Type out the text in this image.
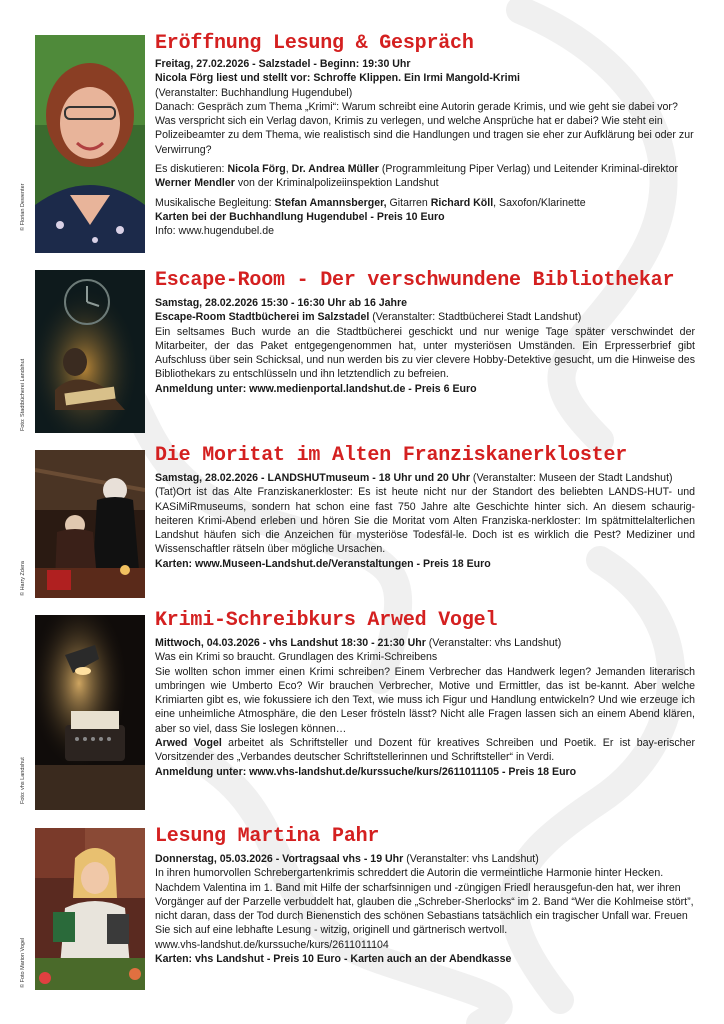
© Florian Dewenter
Eröffnung Lesung & Gespräch

Freitag, 27.02.2026 - Salzstadel - Beginn: 19:30 Uhr

Nicola Förg liest und stellt vor: Schroffe Klippen. Ein Irmi Mangold-Krimi

(Veranstalter: Buchhandlung Hugendubel)

Danach: Gespräch zum Thema „Krimi“: Warum schreibt eine Autorin gerade Krimis, und wie geht sie dabei vor? Was verspricht sich ein Verlag davon, Krimis zu verlegen, und welche Ansprüche hat er dabei? Wie steht ein Polizeibeamter zu dem Thema, wie realistisch sind die Handlungen und tragen sie eher zur Aufklärung bei oder zur Verwirrung?

Es diskutieren: Nicola Förg, Dr. Andrea Müller (Programmleitung Piper Verlag) und Leitender Kriminal-direktor Werner Mendler von der Kriminalpolizeiinspektion Landshut

Musikalische Begleitung: Stefan Amannsberger, Gitarren Richard Köll, Saxofon/Klarinette

Karten bei der Buchhandlung Hugendubel - Preis 10 Euro

Info: www.hugendubel.de

Foto: Stadtbücherei Landshut
Escape-Room - Der verschwundene Bibliothekar

Samstag, 28.02.2026 15:30 - 16:30 Uhr ab 16 Jahre

Escape-Room Stadtbücherei im Salzstadel (Veranstalter: Stadtbücherei Stadt Landshut)

Ein seltsames Buch wurde an die Stadtbücherei geschickt und nur wenige Tage später verschwindet der Mitarbeiter, der das Paket entgegengenommen hat, unter mysteriösen Umständen. Ein Erpresserbrief gibt Aufschluss über sein Schicksal, und nun werden bis zu vier clevere Hobby-Detektive gesucht, um die Hinweise des Bibliothekars zu entschlüsseln und ihn letztendlich zu befreien.

Anmeldung unter: www.medienportal.landshut.de - Preis 6 Euro

© Harry Zdera
Die Moritat im Alten Franziskanerkloster

Samstag, 28.02.2026 - LANDSHUTmuseum - 18 Uhr und 20 Uhr (Veranstalter: Museen der Stadt Landshut)

(Tat)Ort ist das Alte Franziskanerkloster: Es ist heute nicht nur der Standort des beliebten LANDS-HUT- und KASiMiRmuseums, sondern hat schon eine fast 750 Jahre alte Geschichte hinter sich. An diesem schaurig-heiteren Krimi-Abend erleben und hören Sie die Moritat vom Alten Franziska-nerkloster: Im spätmittelalterlichen Landshut häufen sich die Anzeichen für mysteriöse Todesfäl-le. Doch ist es wirklich die Pest? Mediziner und Wissenschaftler rätseln über mögliche Ursachen.

Karten: www.Museen-Landshut.de/Veranstaltungen - Preis 18 Euro

Foto: vhs Landshut
Krimi-Schreibkurs Arwed Vogel

Mittwoch, 04.03.2026 - vhs Landshut 18:30 - 21:30 Uhr (Veranstalter: vhs Landshut)

Was ein Krimi so braucht. Grundlagen des Krimi-Schreibens

Sie wollten schon immer einen Krimi schreiben? Einem Verbrecher das Handwerk legen? Jemanden literarisch umbringen wie Umberto Eco? Wir brauchen Verbrecher, Motive und Ermittler, das ist be-kannt. Aber welche Krimiarten gibt es, wie fokussiere ich den Text, wie muss ich Figur und Handlung entwickeln? Und wie erzeuge ich eine unheimliche Atmosphäre, die den Leser frösteln lässt? Nicht alle Fragen lassen sich an einem Abend klären, aber so viel, dass Sie loslegen können…

Arwed Vogel arbeitet als Schriftsteller und Dozent für kreatives Schreiben und Poetik. Er ist bay-erischer Vorsitzender des „Verbandes deutscher Schriftstellerinnen und Schriftsteller“ in Verdi.

Anmeldung unter: www.vhs-landshut.de/kurssuche/kurs/2611011105 - Preis 18 Euro

© Foto Marion Vogel
Lesung Martina Pahr

Donnerstag, 05.03.2026 - Vortragsaal vhs - 19 Uhr (Veranstalter: vhs Landshut)

In ihren humorvollen Schrebergartenkrimis schreddert die Autorin die vermeintliche Harmonie hinter Hecken. Nachdem Valentina im 1. Band mit Hilfe der scharfsinnigen und -züngigen Friedl herausgefun-den hat, wer ihren Vorgänger auf der Parzelle verbuddelt hat, glauben die „Schreber-Sherlocks“ im 2. Band “Wer die Kohlmeise stört”, nicht daran, dass der Tod durch Bienenstich des schönen Sebastians tatsächlich ein tragischer Unfall war. Freuen Sie sich auf eine lebhafte Lesung - witzig, originell und gärtnerisch wertvoll.

www.vhs-landshut.de/kurssuche/kurs/2611011104

Karten: vhs Landshut - Preis 10 Euro - Karten auch an der Abendkasse
